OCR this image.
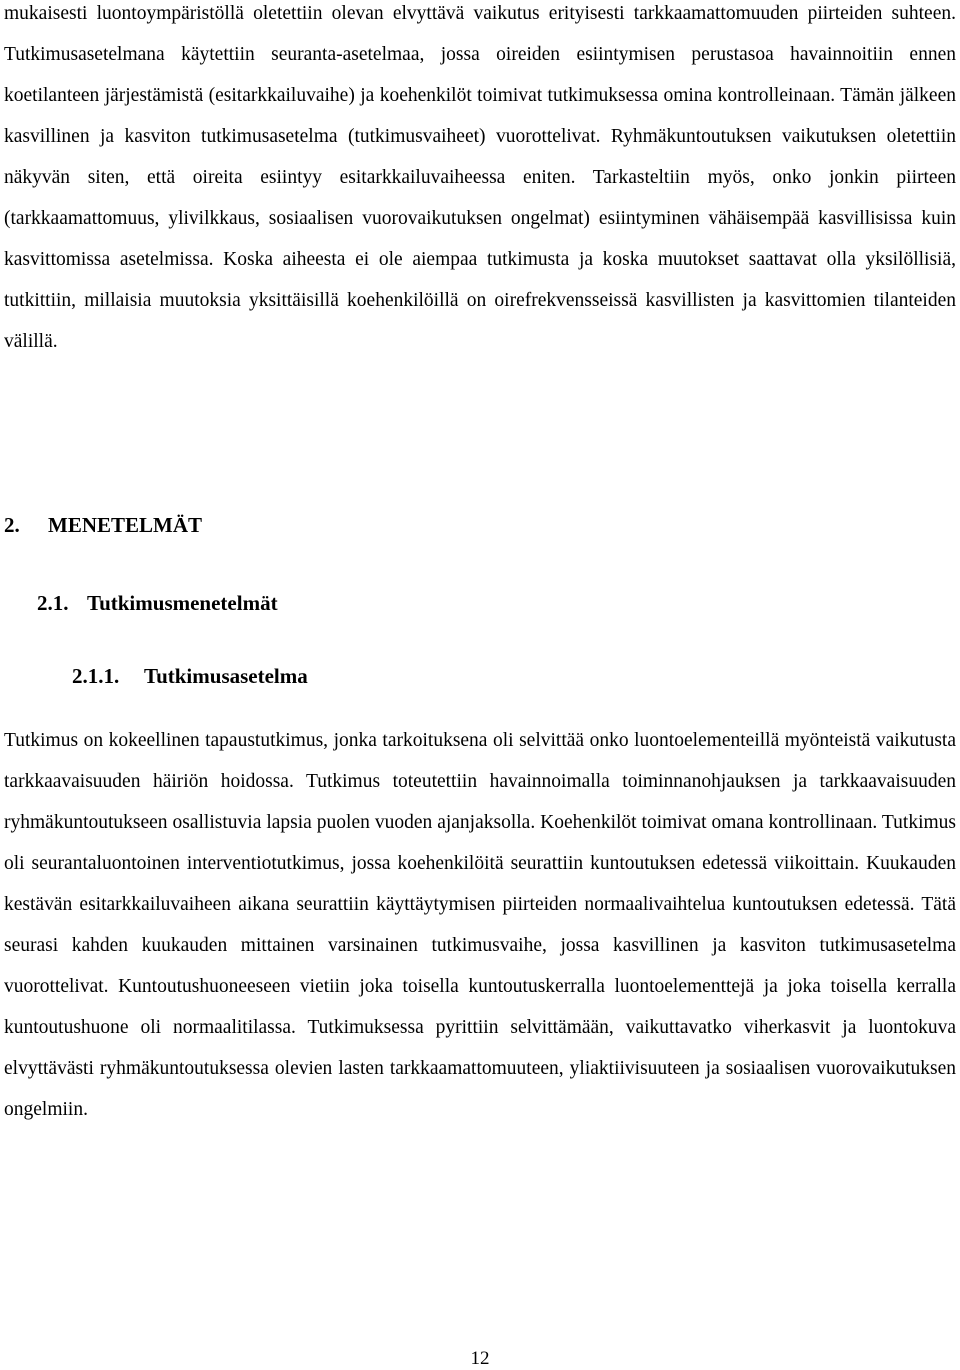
mukaisesti luontoympäristöllä oletettiin olevan elvyttävä vaikutus erityisesti tarkkaamattomuuden piirteiden suhteen. Tutkimusasetelmana käytettiin seuranta-asetelmaa, jossa oireiden esiintymisen perustasoa havainnoitiin ennen koetilanteen järjestämistä (esitarkkailuvaihe) ja koehenkilöt toimivat tutkimuksessa omina kontrolleinaan. Tämän jälkeen kasvillinen ja kasviton tutkimusasetelma (tutkimusvaiheet) vuorottelivat. Ryhmäkuntoutuksen vaikutuksen oletettiin näkyvän siten, että oireita esiintyy esitarkkailuvaiheessa eniten. Tarkasteltiin myös, onko jonkin piirteen (tarkkaamattomuus, ylivilkkaus, sosiaalisen vuorovaikutuksen ongelmat) esiintyminen vähäisempää kasvillisissa kuin kasvittomissa asetelmissa. Koska aiheesta ei ole aiempaa tutkimusta ja koska muutokset saattavat olla yksilöllisiä, tutkittiin, millaisia muutoksia yksittäisillä koehenkilöillä on oirefrekvensseissä kasvillisten ja kasvittomien tilanteiden välillä.

2. MENETELMÄT
2.1. Tutkimusmenetelmät
2.1.1. Tutkimusasetelma

Tutkimus on kokeellinen tapaustutkimus, jonka tarkoituksena oli selvittää onko luontoelementeillä myönteistä vaikutusta tarkkaavaisuuden häiriön hoidossa. Tutkimus toteutettiin havainnoimalla toiminnanohjauksen ja tarkkaavaisuuden ryhmäkuntoutukseen osallistuvia lapsia puolen vuoden ajanjaksolla. Koehenkilöt toimivat omana kontrollinaan. Tutkimus oli seurantaluontoinen interventiotutkimus, jossa koehenkilöitä seurattiin kuntoutuksen edetessä viikoittain. Kuukauden kestävän esitarkkailuvaiheen aikana seurattiin käyttäytymisen piirteiden normaalivaihtelua kuntoutuksen edetessä. Tätä seurasi kahden kuukauden mittainen varsinainen tutkimusvaihe, jossa kasvillinen ja kasviton tutkimusasetelma vuorottelivat. Kuntoutushuoneeseen vietiin joka toisella kuntoutuskerralla luontoelementtejä ja joka toisella kerralla kuntoutushuone oli normaalitilassa. Tutkimuksessa pyrittiin selvittämään, vaikuttavatko viherkasvit ja luontokuva elvyttävästi ryhmäkuntoutuksessa olevien lasten tarkkaamattomuuteen, yliaktiivisuuteen ja sosiaalisen vuorovaikutuksen ongelmiin.

12
